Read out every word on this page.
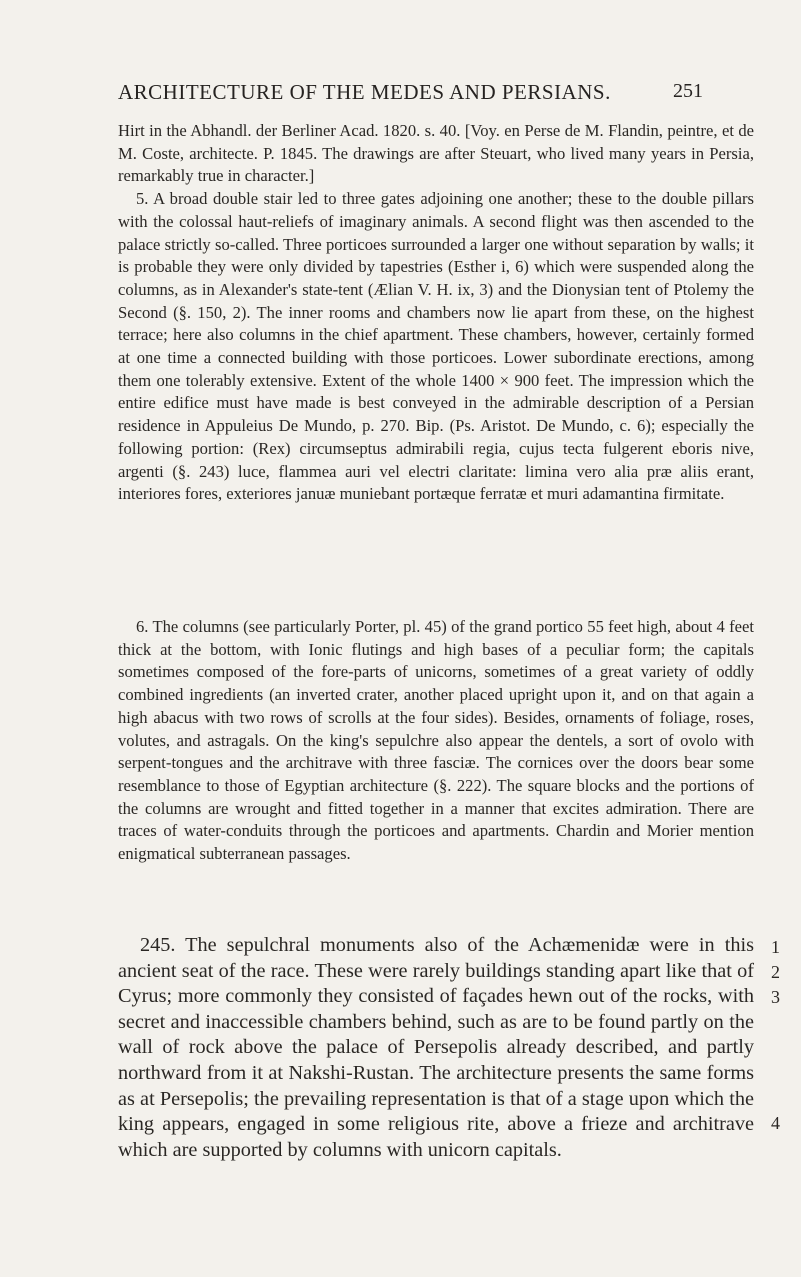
ARCHITECTURE OF THE MEDES AND PERSIANS.	251

Hirt in the Abhandl. der Berliner Acad. 1820. s. 40. [Voy. en Perse de M. Flandin, peintre, et de M. Coste, architecte. P. 1845. The drawings are after Steuart, who lived many years in Persia, remarkably true in character.]

5. A broad double stair led to three gates adjoining one another; these to the double pillars with the colossal haut-reliefs of imaginary animals. A second flight was then ascended to the palace strictly so-called. Three porticoes surrounded a larger one without separation by walls; it is probable they were only divided by tapestries (Esther i, 6) which were suspended along the columns, as in Alexander's state-tent (Ælian V. H. ix, 3) and the Dionysian tent of Ptolemy the Second (§. 150, 2). The inner rooms and chambers now lie apart from these, on the highest terrace; here also columns in the chief apartment. These chambers, however, certainly formed at one time a connected building with those porticoes. Lower subordinate erections, among them one tolerably extensive. Extent of the whole 1400 × 900 feet. The impression which the entire edifice must have made is best conveyed in the admirable description of a Persian residence in Appuleius De Mundo, p. 270. Bip. (Ps. Aristot. De Mundo, c. 6); especially the following portion: (Rex) circumseptus admirabili regia, cujus tecta fulgerent eboris nive, argenti (§. 243) luce, flammea auri vel electri claritate: limina vero alia præ aliis erant, interiores fores, exteriores januæ muniebant portæque ferratæ et muri adamantina firmitate.

6. The columns (see particularly Porter, pl. 45) of the grand portico 55 feet high, about 4 feet thick at the bottom, with Ionic flutings and high bases of a peculiar form; the capitals sometimes composed of the fore-parts of unicorns, sometimes of a great variety of oddly combined ingredients (an inverted crater, another placed upright upon it, and on that again a high abacus with two rows of scrolls at the four sides). Besides, ornaments of foliage, roses, volutes, and astragals. On the king's sepulchre also appear the dentels, a sort of ovolo with serpent-tongues and the architrave with three fasciæ. The cornices over the doors bear some resemblance to those of Egyptian architecture (§. 222). The square blocks and the portions of the columns are wrought and fitted together in a manner that excites admiration. There are traces of water-conduits through the porticoes and apartments. Chardin and Morier mention enigmatical subterranean passages.

245. The sepulchral monuments also of the Achæmenidæ were in this ancient seat of the race. These were rarely buildings standing apart like that of Cyrus; more commonly they consisted of façades hewn out of the rocks, with secret and inaccessible chambers behind, such as are to be found partly on the wall of rock above the palace of Persepolis already described, and partly northward from it at Nakshi-Rustan. The architecture presents the same forms as at Persepolis; the prevailing representation is that of a stage upon which the king appears, engaged in some religious rite, above a frieze and architrave which are supported by columns with unicorn capitals.

1
2
3
4
